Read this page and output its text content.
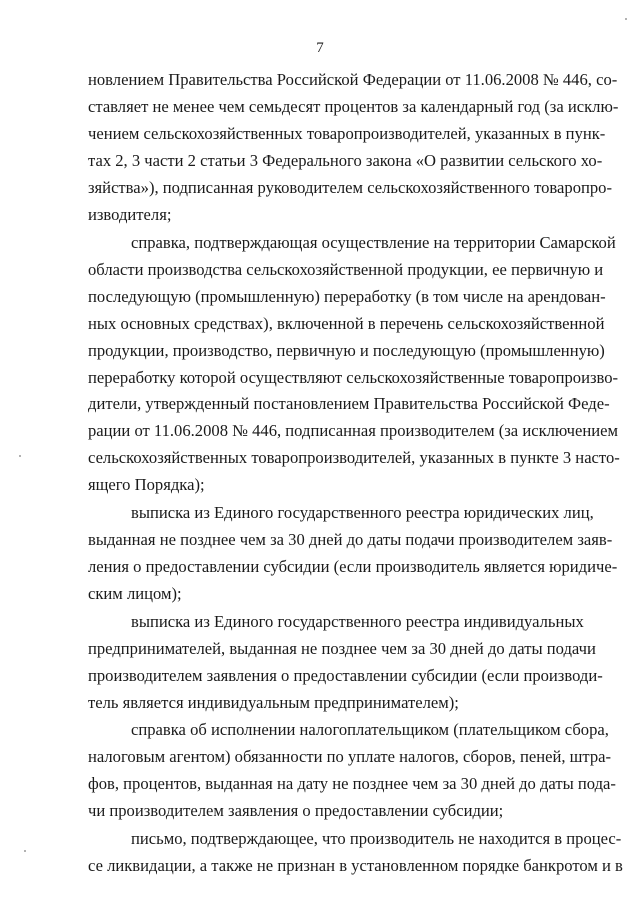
7
новлением Правительства Российской Федерации от 11.06.2008 № 446, со-
ставляет не менее чем семьдесят процентов за календарный год (за исклю-
чением сельскохозяйственных товаропроизводителей, указанных в пунк-
тах 2, 3 части 2 статьи 3 Федерального закона «О развитии сельского хо-
зяйства»), подписанная руководителем сельскохозяйственного товаропро-
изводителя;
справка, подтверждающая осуществление на территории Самарской
области производства сельскохозяйственной продукции, ее первичную и
последующую (промышленную) переработку (в том числе на арендован-
ных основных средствах), включенной в перечень сельскохозяйственной
продукции, производство, первичную и последующую (промышленную)
переработку которой осуществляют сельскохозяйственные товаропроизво-
дители, утвержденный постановлением Правительства Российской Феде-
рации от 11.06.2008 № 446, подписанная производителем (за исключением
сельскохозяйственных товаропроизводителей, указанных в пункте 3 насто-
ящего Порядка);
выписка из Единого государственного реестра юридических лиц,
выданная не позднее чем за 30 дней до даты подачи производителем заяв-
ления о предоставлении субсидии (если производитель является юридиче-
ским лицом);
выписка из Единого государственного реестра индивидуальных
предпринимателей, выданная не позднее чем за 30 дней до даты подачи
производителем заявления о предоставлении субсидии (если производи-
тель является индивидуальным предпринимателем);
справка об исполнении налогоплательщиком (плательщиком сбора,
налоговым агентом) обязанности по уплате налогов, сборов, пеней, штра-
фов, процентов, выданная на дату не позднее чем за 30 дней до даты пода-
чи производителем заявления о предоставлении субсидии;
письмо, подтверждающее, что производитель не находится в процес-
се ликвидации, а также не признан в установленном порядке банкротом и в
